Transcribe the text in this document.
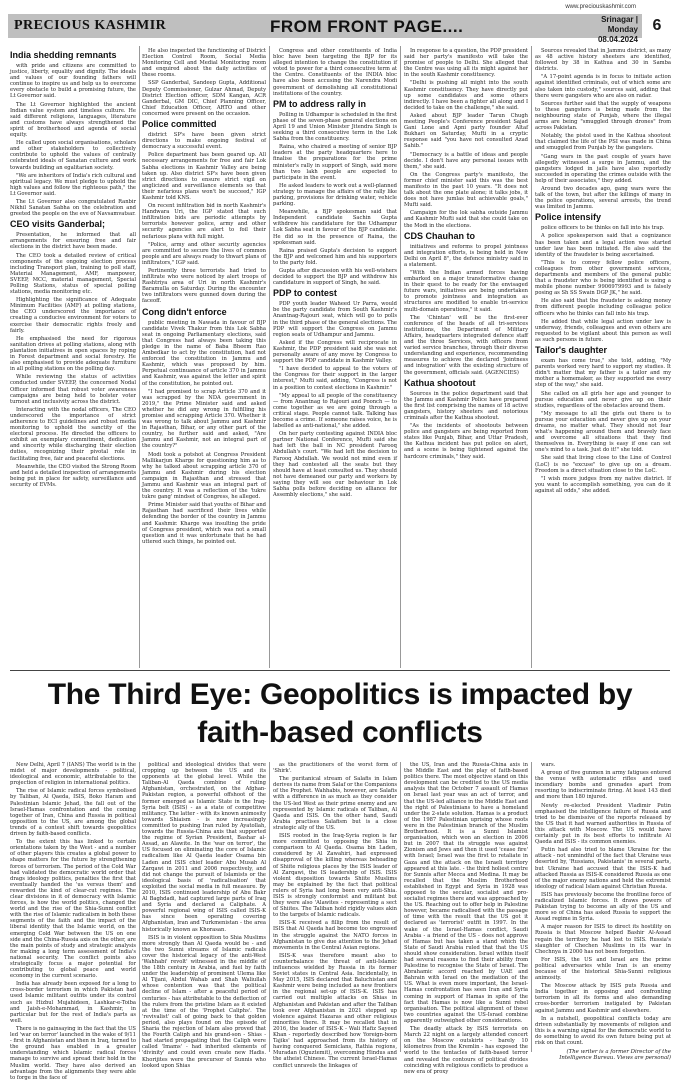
www.preciouskashmir.com
PRECIOUS KASHMIR	FROM FRONT PAGE....	Srinagar | Monday
08.04.2024
6
India shedding remnants

with pride and citizens are committed to justice, liberty, equality and dignity. The ideals and values of our founding fathers will continue to inspire us and help us to overcome every obstacle to build a promising future, the Lt Governor said.

The Lt Governor highlighted the ancient Indian value system and timeless culture. He said different religions, languages, literature and customs have always strengthened the spirit of brotherhood and agenda of social equity.

He called upon social organisations, scholars and other stakeholders to collectively contribute to uphold the values of centrally celebrated ideals of Sanatan culture and work towards building an egalitarian society.

"We are inheritors of India's rich cultural and spiritual legacy. We must pledge to uphold the high values and follow the righteous path," the Lt Governor said.

The Lt Governor also congratulated Ranbir Nikhil Sanatan Sabha on the celebration and greeted the people on the eve of Navsamvatsar.

CEO visits Ganderbal;

Presentation, he informed that all arrangements for ensuring free and fair elections in the district have been made.

The CEO took a detailed review of critical components of the ongoing election process including Transport plan, training to poll staff, Material Management, AMF, manpower, SVEEP, MCC, material management, Special Polling Stations, status of special polling stations, media monitoring etc.

Highlighting the significance of Adequate Minimum Facilities (AMF) at polling stations, the CEO underscored the importance of creating a conducive environment for voters to exercise their democratic rights freely and fairly.

He emphasised the need for rigorous sanitation drives at polling stations, along with plantation initiatives in open spaces by roping in Forest department and social forestry. He also emphasised to provide adequate furniture in all polling stations on the polling day.

While reviewing the status of activities conducted under SVEEP, the concerned Nodal Officer informed that robust voter awareness campaigns are being held to bolster voter turnout and inclusivity across the district.

Interacting with the nodal officers, The CEO underscored the importance of strict adherence to ECI guidelines and robust media monitoring to uphold the sanctity of the electoral process. He directed the officers to exhibit an exemplary commitment, dedication and sincerity while discharging their election duties, recognizing their pivotal role in facilitating free, fair and peaceful elections.

Meanwhile, the CEO visited the Strong Room and held a detailed inspection of arrangements being put in place for safety, surveillance and security of EVMs.

He also inspected the functioning of District Election Control Room, Social Media Monitoring Cell and Medial Monitoring room and enquired about the daily activities of these rooms.

SSP Ganderbal, Sandeep Gupta, Additional Deputy Commissioner, Gulzar Ahmad, Deputy District Election officer, SDM Kangan, ACR Ganderbal, GM DIC, Chief Planning Officer, Chief Education Officer, ARTO and other concerned were present on the occasion.

Police committed

district SP's have been given strict directions to make ongoing festival of democracy a successful event.

Police department has been geared up. All necessary arrangements for free and fair Lok Sabha elections in Kashmir Valley are being taken up. Also district SP's have been given strict directions to ensure strict vigil on anglicized and surveillance elements so that their nefarious plans won't be succeed," IGP Kashmir told KNS.

On recent infiltration bid in north Kashmir's Handwara Uri, the IGP stated that such infiltration bids are periodic attempts by terrorists however police, army and other security agencies are alert to foil their nefarious plans with full might.

"Police, army and other security agencies are committed to secure the lives of common people and are always ready to thwart plans of infiltrators," IGP said.

Pertinently three terrorists had tried to infiltrate who were noticed by alert troops of Rashtriya area of Uri in north Kashmir's Baramulla on Saturday. During the encounter two infiltrators were gunned down during the faceoff.

Cong didn't enforce

public meeting in Nawada in favour of BJP candidate Vivek Thakur from this Lok Sabha seat in ongoing Parliamentary elections, said that Congress had always been taking this pledge in the name of Baba Bheem Rao Ambedkar to act by the constitution, had not enforced the constitution in Jammu and Kashmir, which was proposed by him. Perpetual continuance of article 370 in Jammu and Kashmir, was against the letter and spirit of the constitution, he pointed out.

"I had promised to scrap Article 370 and it was scrapped by the NDA government in 2019," the Prime Minister said and asked whether he did any wrong in fulfilling his promise and scrapping Article 370. Whether it was wrong to talk about Jammu and Kashmir in Rajasthan, Bihar, or any other part of the country, he further said and asked, "Are Jammu and Kashmir, not an integral part of the country?"

Modi took a potshot at Congress President Mallikarjun Kharge for questioning him as to why he talked about scrapping article 370 of Jammu and Kashmir during his election campaign in Rajasthan and stressed that Jammu and Kashmir was an integral part of the country. It was a reflection of the 'tukre tukre gang' mindset of Congress, he alleged.

Prime Minister said that youths of Bihar and Rajasthan had sacrificed their lives while defending the border of the country in Jammu and Kashmir. Kharge was insulting the pride of Congress president, which was not a small question and it was unfortunate that he had uttered such things, he pointed out.

Congress and other constituents of India bloc have been targeting the BJP for its alleged intention to change the constitution if voted to power for a third consecutive term at the Centre. Constituents of the INDIA bloc have also been accusing the Narendra Modi government of demolishing all constitutional institutions of the country.

PM to address rally in

Polling in Udhampur is scheduled in the first phase of the seven-phase general elections on April 19 and Union Minister Jitendra Singh is seeking a third consecutive term in the Lok Sabha from the constituency.

Raina, who chaired a meeting of senior BJP leaders at the party headquarters here to finalise the preparations for the prime minister's rally in support of Singh, said more than two lakh people are expected to participate in the event.

He asked leaders to work out a well-planned strategy to manage the affairs of the rally like parking, provisions for drinking water, vehicle parking.

Meanwhile, a BJP spokesman said that Independent candidate Sachin Gupta withdrew his candidature for the Udhampur Lok Sabha seat in favour of the BJP candidate. He did so in the presence of Raina, the spokesman said.

Raina praised Gupta's decision to support the BJP and welcomed him and his supporters to the party fold.

Gupta after discussion with his well-wishers decided to support the BJP and withdrew his candidature in support of Singh, he said.

PDP to contest

PDP youth leader Waheed Ur Parra, would be the party candidate from South Kashmir's Anantnag-Rajouri seat, which will go to polls in the third phase of the general elections. The PDP will support the Congress on Jammu region seats of Udhampur and Jammu.

Asked if the Congress will reciprocate in Kashmir, the PDP president said she was not personally aware of any move by Congress to support the PDP candidate in Kashmir Valley.

"I have decided to appeal to the voters of the Congress for their support in the larger interest," Mufti said, adding, "Congress is not in a position to contest elections in Kashmir."

"My appeal to all people of the constituency — from Anantnag to Rajouri and Poonch — to come together as we are going through a critical stage. People cannot talk. Talking has become a crime. If someone raises voice, he is labelled as anti-national," she added.

On her party contesting against INDIA bloc partner National Conference, Mufti said she had left the ball in NC president Farooq Abdullah's court. "We had left the decision to Farooq Abdullah. We would not mind even if they had contested all the seats but they should have at least consulted us. They should not have demeaned our party and workers by saying they will see our behaviour in Lok Sabha polls before deciding on alliance for Assembly elections," she said.

In response to a question, the PDP president said her party's manifesto will take the promise of people to Delhi. She alleged that the Centre was using all its might against her in the south Kashmir constituency.

"Delhi is pushing all might into the south Kashmir constituency. They have directly put up some candidates and some others indirectly. I have been a fighter all along and I decided to take on the challenge," she said.

Asked about BJP leader Tarun Chugh meeting People's Conference president Sajad Gani Lone and Apni party founder Altaf Bukhari on Saturday, Mufti in a cryptic response said "you have not consulted Azad Sahib."

"Democracy is a battle of ideas and people decide. I don't have any personal issues with them," she said.

On the Congress party's manifesto, the former chief minister said this was the best manifesto in the past 10 years. "It does not talk about the one plate alone; it talks jobs, it does not have jumlas but achievable goals," Mufti said.

Campaign for the lok sabha outside Jammu and Kashmir Mufti said that she could take on the Modi in the elections.

CDS Chauhan to

initiatives and reforms to propel jointness and integration efforts, is being held in New Delhi on April 8", the defence ministry said in a statement.

"With the Indian armed forces having embarked on a major transformative change in their quest to be ready for the envisaged future wars, initiatives are being undertaken to promote jointness and integration as structures are modified to enable tri-service multi-domain operations," it said.

The 'Chintan' will be the first-ever conference of the heads of all tri-services institutions, the Department of Military Affairs, headquarters integrated defence staff and the three Services, with officers from varied service branches, through their diverse understanding and experience, recommending measures to achieve the declared 'Jointness and integration' with the existing structure of the government, officials said. (AGENCIES)

Kathua shootout

Sources in the police department said that the Jammu and Kashmir Police have prepared the first list comprising the names of 18 active gangsters, history sheeters and notorious criminals after the Kathua shootout.

"As the incidents of shootouts between police and gangsters are being reported from states like Punjab, Bihar, and Uttar Pradesh, the Kathua incident has put police on alert, and a scene is being tightened against the hardcore criminals," they said.

Sources revealed that in Jammu district, as many as 48 active history sheeters are identified, followed by 38 in Kathua and 30 in Samba districts.

"A 17-point agenda is in focus to initiate action against identified criminals, out of which some are also taken into custody," sources said, adding that there were gangsters who are also on radar.

Sources further said that the supply of weapons to these gangsters is being made from the neighbouring state of Punjab, where the illegal arms are being "smuggled through drones" from across Pakistan.

Notably, the pistol used in the Kathua shootout that claimed the life of the PSI was made in China and smuggled from Punjab by the gangsters.

"Gang wars in the past couple of years have allegedly witnessed a surge in Jammu, and the gangsters lodged in jails have also reportedly succeeded in operating the crimes outside with the help of their associates," they added.

Around two decades ago, gang wars were the talk of the town, but after the killings of many in the police operations, several arrests, the trend was limited in Jammu.

Police intensify

police officers to be thinks on fall into his trap.

A police spokesperson said that a cognizance has been taken and a legal action was started under law has been initiated. He also said the identity of the fraudster is being ascertained.

"This is to convey fellow police officers, colleagues from other government services, departments and members of the general public that a fraudster who is being identified is using a mobile phone number 9906979993 and is falsely posing as Sh SS Swain DGP JK," he said.

He also said that the fraudster is asking money from different people including colleague police officers who he thinks can fall into his trap.

He added that while legal action under law is underway, friends, colleagues and even others are requested to be vigilant about this person as well as such persons in future.

Tailor's daughter

exam has come true," she told, adding, "My parents worked very hard to support my studies. It didn't matter that my father is a tailor and my mother a homemaker, as they supported me every step of the way," she said.

She called on all girls her age and younger to pursue education and never give up on their studies, regardless of the obstacles around them.

"My message to all the girls out there is to pursue your education and never give up on your dreams, no matter what. They should not fear what's happening around them and bravely face and overcome all situations that they find themselves in. Everything is easy if one can set one's mind to a task. Just do it!" she told.

She said that living close to the Line of Control (LoC) is no "excuse" to give up on a dream. Freedom is a direct situation close to the LoC.

"I wish more judges from my native district. If you want to accomplish something, you can do it against all odds," she added.

The Third Eye: Geopolitics is impacted by faith-based conflicts

New Delhi, April 7 (IANS) The world is in the midst of major developments - political, ideological and economic, attributable to the projection of religion in international politics.

The rise of Islamic radical forces symbolised by Taliban, Al Qaeda, ISIS, Boko Haram and Palestinian Islamic Jehad, the fall out of the Israel-Hamas confrontation and the coming together of Iran, China and Russia in political opposition to the US, are among the global trends of a contest shift towards geopolitics driven by faith-based conflicts.

To the extent this has linked to certain orientations taken by the West - and a number of other players this creates a global power to shape matters for the future by strengthening forces of terrorism. The period of the Cold War had validated the democratic world order that drags ideology politics, penalties the first that eventually handed the 'us versus them' and rewarded the kind of clear-cut regimes. The clear divisions in it of democracy with Islamic forces, is how the world politics, changed the world and the rise of the Shia-Sunni conflict with the rise of Islamic radicalism in both these segments of the faith and the impact of the liberal identity that the Islamic world, on the emerging Cold War between the US on one side and the China-Russia axis on the other, are the main points of study and strategic analysis for making a long term assessment of India's national security. The conflict points also strategically focus a major potential for contributing to global peace and world economy in the current scenario.

India has already been exposed for a long to cross-border terrorism in which Pakistan had used Islamic militant outfits under its control such as Hizbul Mujahideen, Lashkar-e-Toiba and Jaish-e-Mohammad, in Kashmir, in particular but for the rest of India's parts as well.

There is no gainsaying in the fact that the US led 'war on terror' launched in the wake of 9/11 - first in Afghanistan and then in Iraq, turned to the ground has enabled in a greater understanding which Islamic radical forces manage to survive and spread their hold in the Muslim world. They have also derived an advantage from the alignments they were able to forge in the face of

political and ideological divides that were cropping up between the US and its opponents at the global level. While the Taliban-Al Qaeda combine of ruling Afghanistan, orchestrated, on the Afghan-Pakistan region, a powerful offshoot of the former emerged as Islamic State in the Iraq-Syria belt (ISIS) - as a state of competitive militancy. The latter - with its known animosity towards Shiaism - is now increasingly committed to pushing Iran ruled by Ayatollah, towards the Russia-China axis that supported the regime of Syrian President, Bashar al-Assad, an Alawite. In the 'war on terror', the US focused on eliminating the core of Islamic radicalism like Al Qaeda leader Osama bin Laden and ISIS chief leader Abu Musab Al Zarqawi in 2011 and 2006 respectively, and did not change the pursuit of Islamists or the ideological basis of 'radicalisation' that exploited the social media in full measure. By 2010, ISIS continued leadership of Abu Bakr Al Baghdadi, had captured large parts of Iraq and Syria and declared a Caliphate. A powerful regional wing of ISIS called ISIS-K has since been operating covering Afghanistan, Iran and Turkmenistan - the area historically known as Khorasan.

ISIS is in violent opposition to Shia Muslims more strongly than Al Qaeda would be - and the two Sunni streams of Islamic radicals cover the historical legacy of the anti-West 'Wahhabi' revolt' witnessed in the middle of the 18th century in Arabia, and fuel by faith under the leadership of prominent Ulema like Al Tijani, Abdul Wahab and Shah Waliullah whose contention was that the political decline of Islam - after a peaceful period of centuries - has attributable to the deflection of the rulers from the pristine Islam as it existed at the time of the 'Prophet Caliphs'. The 'revivalist' call of going back to that golden period, also plays found on the episode of Sharia the rejection of Islam also proved that the Fourth Caliph and his grand-son - Shias - had started propagating that the Caliph were called 'Imams' - had inherited elements of 'divinity' and could even create new Hadis. Khorijites were the precursor of Sunnis who looked upon Shias

as the practitioners of the worst form of 'Shirk'.

The puritanical stream of Salafis in Islam derives its name from Salaf or the Companions of the Prophet. Wahhabis, however, are Salafis with a difference in as much as they consider the US-led West as their prime enemy and are represented by Islamic radicals of Taliban, Al Qaeda and ISIS. On the other hand, Saudi Arabia practises Salafism but is a close strategic ally of the US.

ISIS rooted in the Iraq-Syria region is far more committed to opposing the Shia in comparison to Al Qaeda. Osama bin Laden, considered by Al Zawahiri, had expressed disapproval of the killing whereas beheading of Shiite religious places by the ISIS leader of Al Zarqawi, the IS leadership of ISIS. ISIS violent disposition towards Shiite Muslims may be explained by the fact that political rulers of Syria had long been very anti-Shia. ISIS is strongly conformist and militant but they were also 'Alawites - representing a sect of Shiites. The Taliban hold rigidly values akin to the targets of Islamic radicals.

ISIS-K received a fillip from the result of ISIS that Al Qaeda had become too engrossed in the struggle against the NATO forces in Afghanistan to give due attention to the Jehad movements in the Central Asian regions.

ISIS-K was therefore meant also to counterbalance the threat of anti-Islamic influences wielded by Russia in its former Soviet states in Central Asia. Incidentally, in May 2015, ISIS declared that Baluchistan and Kashmir were being included as new frontiers in the regional set-up of ISIS-K. ISIS has carried out multiple attacks on Shias in Afghanistan and Pakistan and after the Taliban took over Afghanistan in 2021 stepped up violence against Hazaras and other religious minorities there. It may be recalled that in 2016, the leader of ISIS-K - Wali Hafiz Sayeed Khan - reportedly described how 'foreign-born Tajiks' had approached from its history of having conquered Semiclans, Rathia regions, Muradan (Oguztemit), overcoming Hindus and the atheist Chinese. The current Israel-Hamas conflict unravels the linkages of

the US, Iran and the Russia-China axis in the Middle East and the play of faith-based politics there. The most objective stand on this development can be credited to the US media analysis that the October 7 assault of Hamas on Israel last year was an act of terror, and that the US-led alliance in the Middle East and the right of Palestinians to have a homeland under the 2-state solution. Hamas is a product of the 1987 Palestinian uprising whose roots were in the Palestinian branch of the Muslim Brotherhood. It is a Sunni Islamist organisation, which won an election in 2006 but in 2007 that its struggle was against Zionism and Jews and then it used 'cease fire' with Israel; Israel was the first to retaliate in Gaza and the attack on the Israeli territory appeared at this late. - the third holiest centre for Sunnis after Mecca and Medina. It may be recalled that the Muslim Brotherhood established in Egypt and Syria in 1928 was opposed to the secular, socialist and pro-socialist regimes there and was approached by the US. Reaching out to offer help in Palestine however, became radicalised with the passage of time with the result that the US got it declared as 'terrorist' outfit in 1997. In the wake of the Israel-Hamas conflict, Saudi Arabia - a friend of the US - does not approve of Hamas but has taken a stand which the State of Saudi Arabia ruled that that the US should show consideration. Israel within itself had several reasons to find their ability from Palestine to recognise the State of Israel. The Abrahamic accord reached by UAE and Bahrain with Israel on the mediation of the US. What is even more important, the Israel-Hamas confrontation has seen Iran and Syria coming in support of Hamas in spite of the fact that Hamas is now like a Sunni rebel organisation. The political alignment of these two countries against the US-Israel combine apparently outweighed other considerations.

The deadly attack by ISIS terrorists on March 22 night on a largely attended concert on the Moscow outskirts - barely 10 kilometres from the Kremlin - has exposed the world to the tentacles of faith-based terror and revealed the contours of political divides coinciding with religious conflicts to produce a new era of proxy

wars.

A group of five gunmen in army fatigues entered the venue with automatic rifles and used incendiary bombs and grenades apart from resorting to indiscriminate firing. At least 143 died and more than 180 injured.

Newly re-elected President Vladimir Putin emphasised the intelligence failure of Russia and tried to be dismissive of the reports released by the US that it had warned authorities in Russia of this attack with Moscow. The US would have certainly put in its best efforts to infiltrate Al Qaeda and ISIS - its common enemies.

Putin had also tried to blame Ukraine for the attack - not unmindful of the fact that Ukraine was deserted by, 'Russians, Pakistanis' in several parts, but Ukraine had accused that the ISIS-K had attacked Russia as ISIS-K considered Russia as one of the major enemy nations and held the extremist ideology of radical Islam against Christian Russia.

ISIS has previously become the frontline force of radicalized Islamic forces. It draws powers of Pakistan trying to become an ally of the US and more so of China has asked Russia to support the Assad regime in Syria.

A major reason for ISIS to direct its hostility on Russia is that Moscow helped Bashir Al-Assad regain the territory he had lost to ISIS. Russia's slaughter of Chechen Muslims in its war in Chechnya in 2000 has not been forgotten.

For ISIS, the US and Israel are the prime political adversaries while Iran is an enemy because of the historical Shia-Sunni religious animosity.

The Moscow attack by ISIS puts Russia and India together in opposing and confronting terrorism in all its forms and also demanding cross-border terrorism instigated by Pakistan against Jammu and Kashmir and elsewhere.

In a nutshell, geopolitical conflicts today are driven substantially by movements of religion and this is a warning signal for the democratic world to do something to avoid its own future being put at risk on that count.

(The writer is a former Director of the Intelligence Bureau. Views are personal)
